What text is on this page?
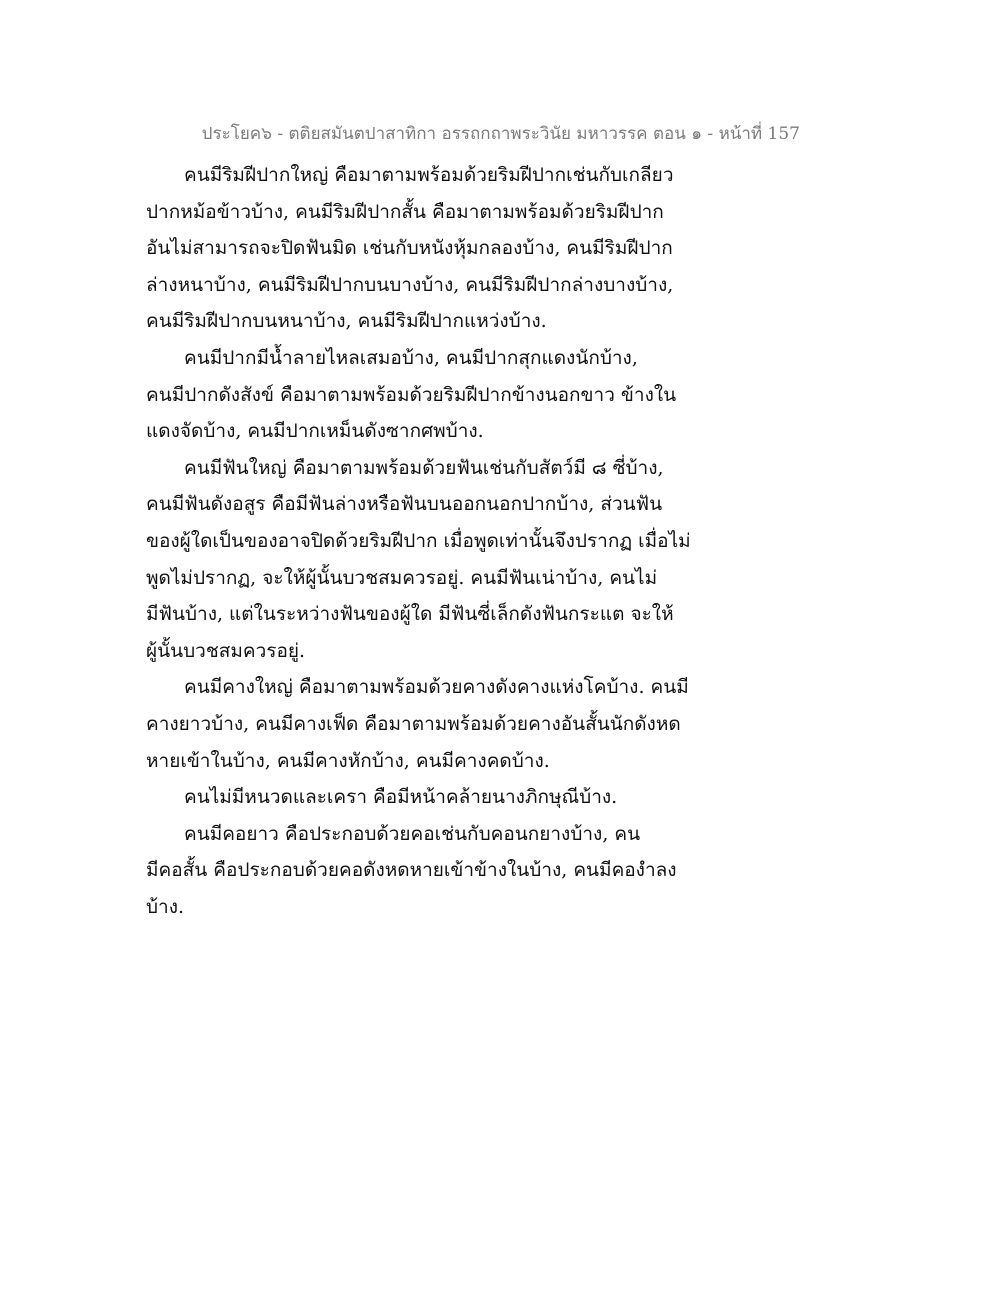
ประโยค๖ - ตติยสมันตปาสาทิกา อรรถกถาพระวินัย มหาวรรค ตอน ๑ - หน้าที่ 157
คนมีริมฝีปากใหญ่ คือมาตามพร้อมด้วยริมฝีปากเช่นกับเกลียว
ปากหม้อข้าวบ้าง, คนมีริมฝีปากสั้น คือมาตามพร้อมด้วยริมฝีปาก
อันไม่สามารถจะปิดฟันมิด เช่นกับหนังหุ้มกลองบ้าง, คนมีริมฝีปาก
ล่างหนาบ้าง, คนมีริมฝีปากบนบางบ้าง, คนมีริมฝีปากล่างบางบ้าง,
คนมีริมฝีปากบนหนาบ้าง, คนมีริมฝีปากแหว่งบ้าง.
คนมีปากมีน้ำลายไหลเสมอบ้าง, คนมีปากสุกแดงนักบ้าง,
คนมีปากดังสังข์ คือมาตามพร้อมด้วยริมฝีปากข้างนอกขาว ข้างใน
แดงจัดบ้าง, คนมีปากเหม็นดังซากศพบ้าง.
คนมีฟันใหญ่ คือมาตามพร้อมด้วยฟันเช่นกับสัตว์มี ๘ ซี่บ้าง,
คนมีฟันดังอสูร คือมีฟันล่างหรือฟันบนออกนอกปากบ้าง, ส่วนฟัน
ของผู้ใดเป็นของอาจปิดด้วยริมฝีปาก เมื่อพูดเท่านั้นจึงปรากฏ เมื่อไม่
พูดไม่ปรากฏ, จะให้ผู้นั้นบวชสมควรอยู่. คนมีฟันเน่าบ้าง, คนไม่
มีฟันบ้าง, แต่ในระหว่างฟันของผู้ใด มีฟันซี่เล็กดังฟันกระแต จะให้
ผู้นั้นบวชสมควรอยู่.
คนมีคางใหญ่ คือมาตามพร้อมด้วยคางดังคางแห่งโคบ้าง. คนมี
คางยาวบ้าง, คนมีคางเฟ็ด คือมาตามพร้อมด้วยคางอันสั้นนักดังหด
หายเข้าในบ้าง, คนมีคางหักบ้าง, คนมีคางคดบ้าง.
คนไม่มีหนวดและเครา คือมีหน้าคล้ายนางภิกษุณีบ้าง.
คนมีคอยาว คือประกอบด้วยคอเช่นกับคอนกยางบ้าง, คน
มีคอสั้น คือประกอบด้วยคอดังหดหายเข้าข้างในบ้าง, คนมีคองำลง
บ้าง.
